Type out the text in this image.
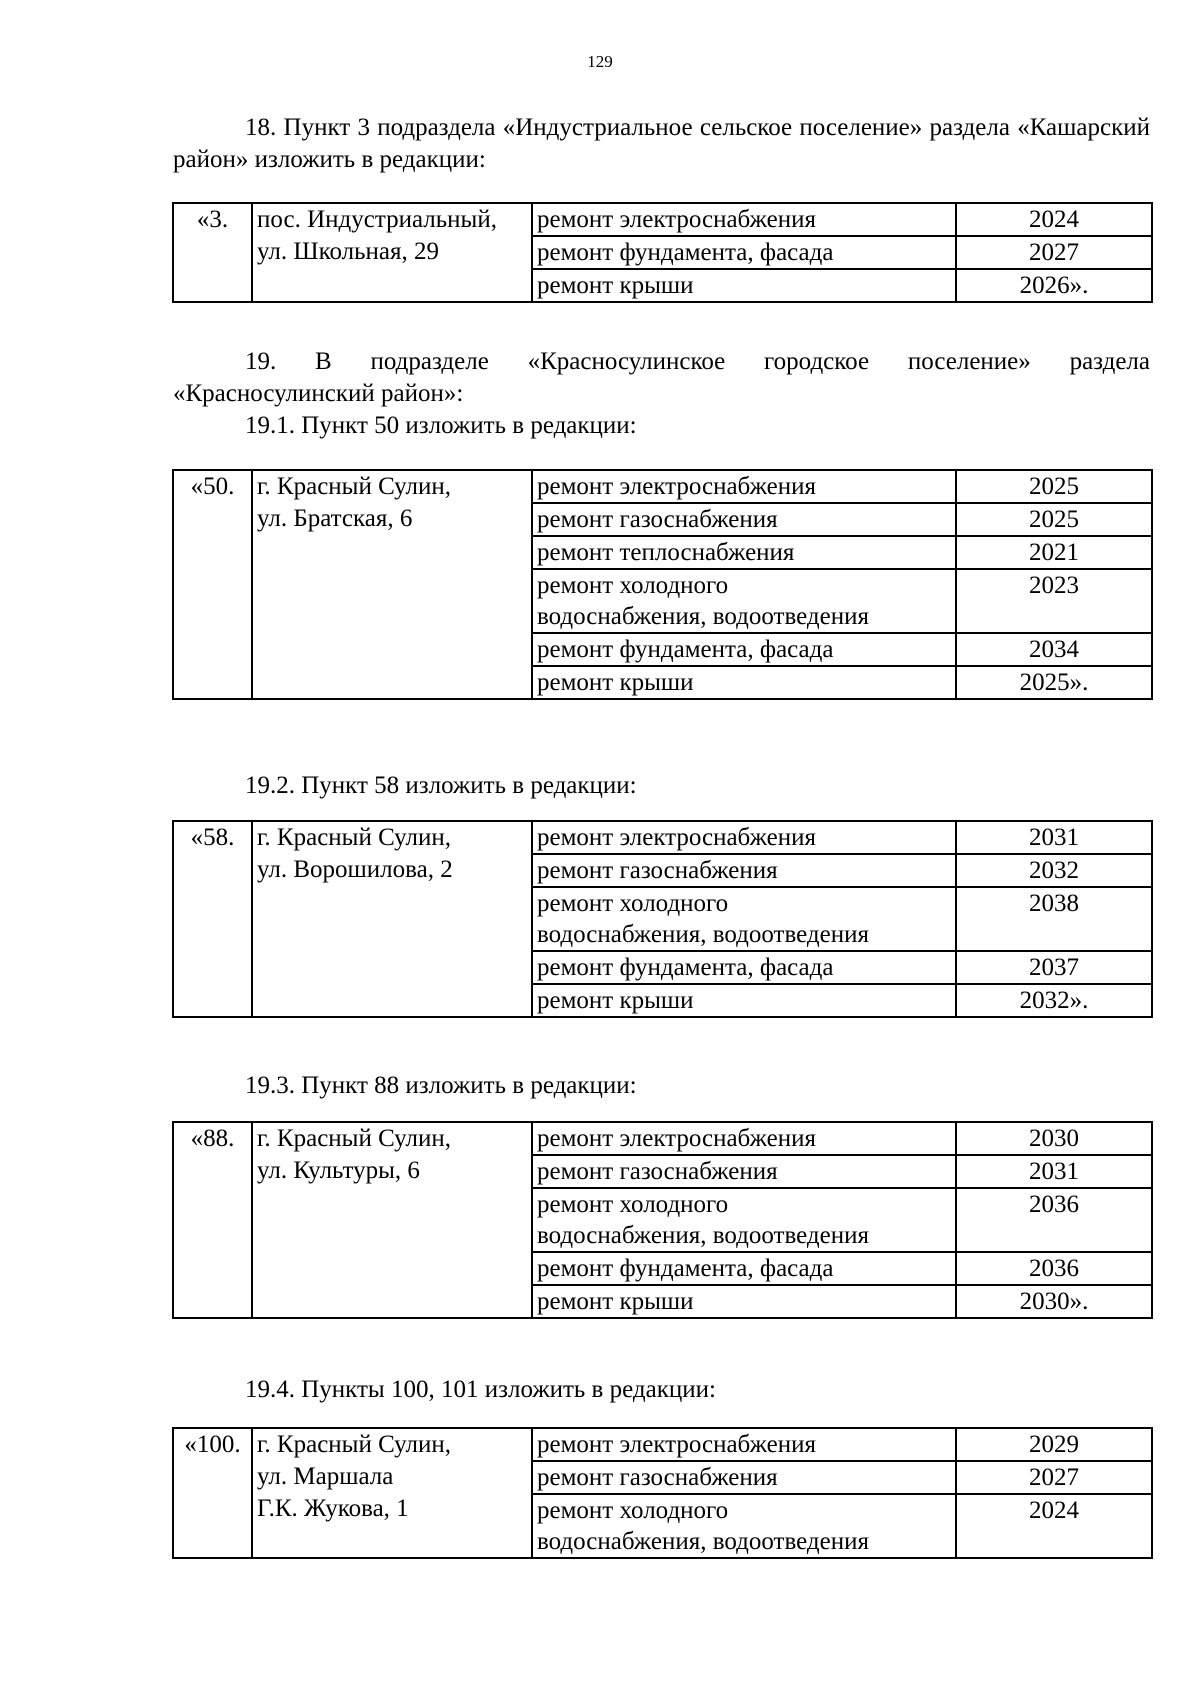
129

18. Пункт 3 подраздела «Индустриальное сельское поселение» раздела «Кашарский район» изложить в редакции:

«3.	пос. Индустриальный,
ул. Школьная, 29	ремонт электроснабжения	2024

		ремонт фундамента, фасада	2027

		ремонт крыши	2026».

19. В подразделе «Красносулинское городское поселение» раздела «Красносулинский район»:

19.1. Пункт 50 изложить в редакции:

«50.	г. Красный Сулин,
ул. Братская, 6	ремонт электроснабжения	2025

		ремонт газоснабжения	2025

		ремонт теплоснабжения	2021

		ремонт холодного
водоснабжения, водоотведения	2023

		ремонт фундамента, фасада	2034

		ремонт крыши	2025».

19.2. Пункт 58 изложить в редакции:

«58.	г. Красный Сулин,
ул. Ворошилова, 2	ремонт электроснабжения	2031

		ремонт газоснабжения	2032

		ремонт холодного
водоснабжения, водоотведения	2038

		ремонт фундамента, фасада	2037

		ремонт крыши	2032».

19.3. Пункт 88 изложить в редакции:

«88.	г. Красный Сулин,
ул. Культуры, 6	ремонт электроснабжения	2030

		ремонт газоснабжения	2031

		ремонт холодного
водоснабжения, водоотведения	2036

		ремонт фундамента, фасада	2036

		ремонт крыши	2030».

19.4. Пункты 100, 101 изложить в редакции:

«100.	г. Красный Сулин,
ул. Маршала
Г.К. Жукова, 1	ремонт электроснабжения	2029

		ремонт газоснабжения	2027

		ремонт холодного
водоснабжения, водоотведения	2024
